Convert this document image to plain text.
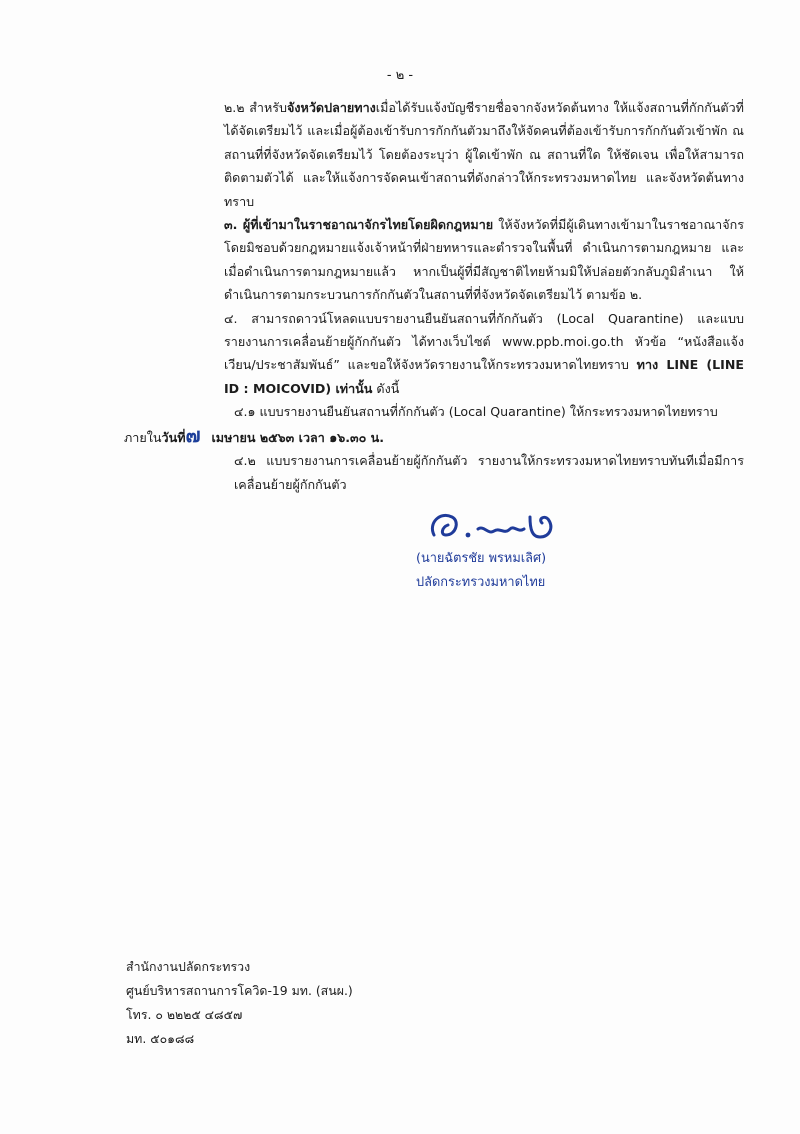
- ๒ -

๒.๒ สำหรับจังหวัดปลายทางเมื่อได้รับแจ้งบัญชีรายชื่อจากจังหวัดต้นทาง ให้แจ้งสถานที่กักกันตัวที่ได้จัดเตรียมไว้ และเมื่อผู้ต้องเข้ารับการกักกันตัวมาถึงให้จัดคนที่ต้องเข้ารับการกักกันตัวเข้าพัก ณ สถานที่ที่จังหวัดจัดเตรียมไว้ โดยต้องระบุว่า ผู้ใดเข้าพัก ณ สถานที่ใด ให้ชัดเจน เพื่อให้สามารถติดตามตัวได้ และให้แจ้งการจัดคนเข้าสถานที่ดังกล่าวให้กระทรวงมหาดไทย และจังหวัดต้นทางทราบ

๓. ผู้ที่เข้ามาในราชอาณาจักรไทยโดยผิดกฎหมาย ให้จังหวัดที่มีผู้เดินทางเข้ามาในราชอาณาจักรโดยมิชอบด้วยกฎหมายแจ้งเจ้าหน้าที่ฝ่ายทหารและตำรวจในพื้นที่ ดำเนินการตามกฎหมาย และเมื่อดำเนินการตามกฎหมายแล้ว หากเป็นผู้ที่มีสัญชาติไทยห้ามมิให้ปล่อยตัวกลับภูมิลำเนา ให้ดำเนินการตามกระบวนการกักกันตัวในสถานที่ที่จังหวัดจัดเตรียมไว้ ตามข้อ ๒.

๔. สามารถดาวน์โหลดแบบรายงานยืนยันสถานที่กักกันตัว (Local Quarantine) และแบบรายงานการเคลื่อนย้ายผู้กักกันตัว ได้ทางเว็บไซต์ www.ppb.moi.go.th หัวข้อ “หนังสือแจ้งเวียน/ประชาสัมพันธ์” และขอให้จังหวัดรายงานให้กระทรวงมหาดไทยทราบ ทาง LINE (LINE ID : MOICOVID) เท่านั้น ดังนี้

๔.๑ แบบรายงานยืนยันสถานที่กักกันตัว (Local Quarantine) ให้กระทรวงมหาดไทยทราบ

ภายใน วันที่ ๗ เมษายน ๒๕๖๓ เวลา ๑๖.๓๐ น.

๔.๒ แบบรายงานการเคลื่อนย้ายผู้กักกันตัว รายงานให้กระทรวงมหาดไทยทราบทันทีเมื่อมีการเคลื่อนย้ายผู้กักกันตัว

(นายฉัตรชัย พรหมเลิศ)
ปลัดกระทรวงมหาดไทย
สำนักงานปลัดกระทรวง
ศูนย์บริหารสถานการโควิด-19 มท. (สนผ.)
โทร. ๐ ๒๒๒๕ ๔๘๕๗
มท. ๕๐๑๘๘
